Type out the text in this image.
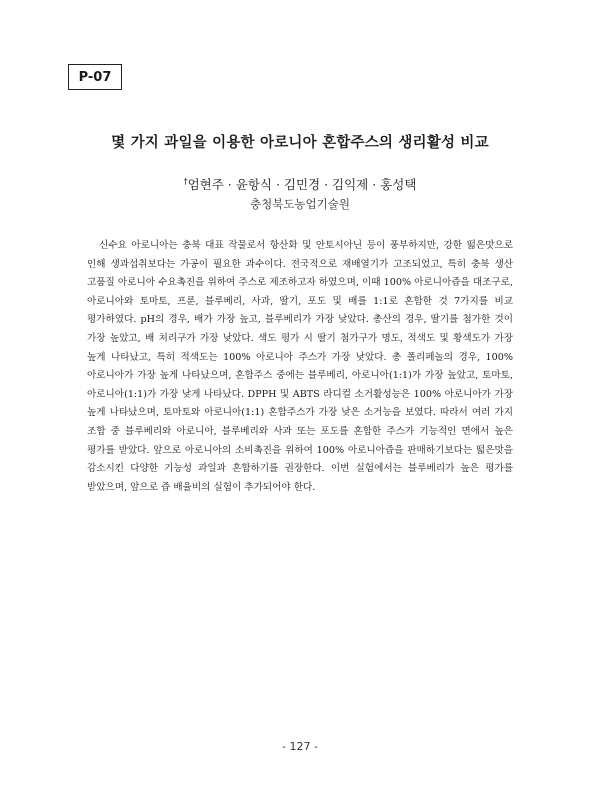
P-07
몇 가지 과일을 이용한 아로니아 혼합주스의 생리활성 비교
†엄현주 · 윤항식 · 김민경 · 김익제 · 홍성택
충청북도농업기술원

신수요 아로니아는 충북 대표 작물로서 항산화 및 안토시아닌 등이 풍부하지만, 강한 떫은맛으로 인해 생과섭취보다는 가공이 필요한 과수이다. 전국적으로 재배열기가 고조되었고, 특히 충북 생산 고품질 아로니아 수요촉진을 위하여 주스로 제조하고자 하였으며, 이때 100% 아로니아즙을 대조구로, 아로니아와 토마토, 프룬, 블루베리, 사과, 딸기, 포도 및 배를 1:1로 혼합한 것 7가지를 비교 평가하였다. pH의 경우, 배가 가장 높고, 블루베리가 가장 낮았다. 총산의 경우, 딸기를 첨가한 것이 가장 높았고, 배 처리구가 가장 낮았다. 색도 평가 시 딸기 첨가구가 명도, 적색도 및 황색도가 가장 높게 나타났고, 특히 적색도는 100% 아로니아 주스가 가장 낮았다. 총 폴리페놀의 경우, 100% 아로니아가 가장 높게 나타났으며, 혼합주스 중에는 블루베리, 아로니아(1:1)가 가장 높았고, 토마토, 아로니아(1:1)가 가장 낮게 나타났다. DPPH 및 ABTS 라디컬 소거활성능은 100% 아로니아가 가장 높게 나타났으며, 토마토와 아로니아(1:1) 혼합주스가 가장 낮은 소거능을 보였다. 따라서 여러 가지 조합 중 블루베리와 아로니아, 블루베리와 사과 또는 포도를 혼합한 주스가 기능적인 면에서 높은 평가를 받았다. 앞으로 아로니아의 소비촉진을 위하여 100% 아로니아즙을 판매하기보다는 떫은맛을 감소시킨 다양한 기능성 과일과 혼합하기를 권장한다. 이번 실험에서는 블루베리가 높은 평가를 받았으며, 앞으로 즙 배율비의 실험이 추가되어야 한다.

- 127 -
